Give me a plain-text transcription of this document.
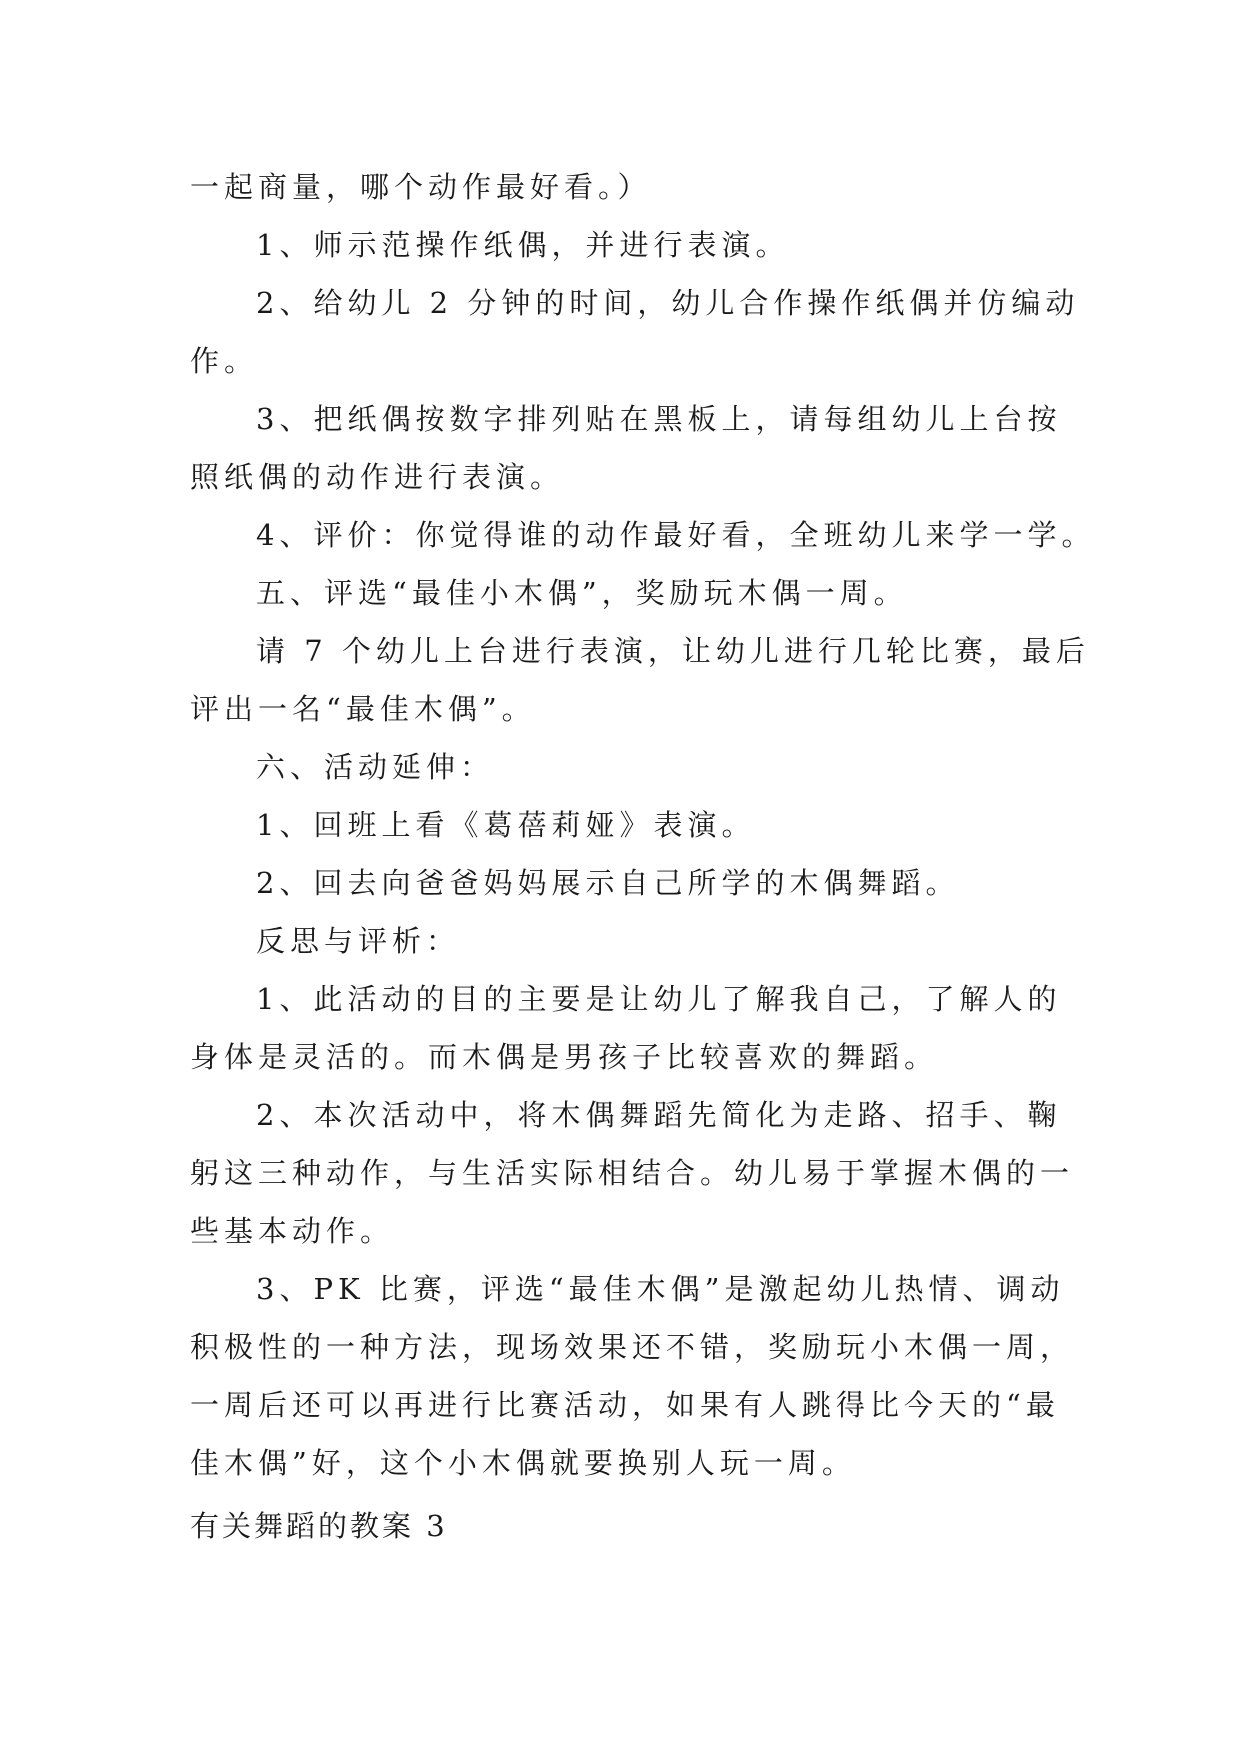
一起商量，哪个动作最好看。）
1、师示范操作纸偶，并进行表演。
2、给幼儿 2 分钟的时间，幼儿合作操作纸偶并仿编动
作。
3、把纸偶按数字排列贴在黑板上，请每组幼儿上台按
照纸偶的动作进行表演。
4、评价：你觉得谁的动作最好看，全班幼儿来学一学。
五、评选“最佳小木偶”，奖励玩木偶一周。
请 7 个幼儿上台进行表演，让幼儿进行几轮比赛，最后
评出一名“最佳木偶”。
六、活动延伸：
1、回班上看《葛蓓莉娅》表演。
2、回去向爸爸妈妈展示自己所学的木偶舞蹈。
反思与评析：
1、此活动的目的主要是让幼儿了解我自己，了解人的
身体是灵活的。而木偶是男孩子比较喜欢的舞蹈。
2、本次活动中，将木偶舞蹈先简化为走路、招手、鞠
躬这三种动作，与生活实际相结合。幼儿易于掌握木偶的一
些基本动作。
3、PK 比赛，评选“最佳木偶”是激起幼儿热情、调动
积极性的一种方法，现场效果还不错，奖励玩小木偶一周，
一周后还可以再进行比赛活动，如果有人跳得比今天的“最
佳木偶”好，这个小木偶就要换别人玩一周。
有关舞蹈的教案 3
